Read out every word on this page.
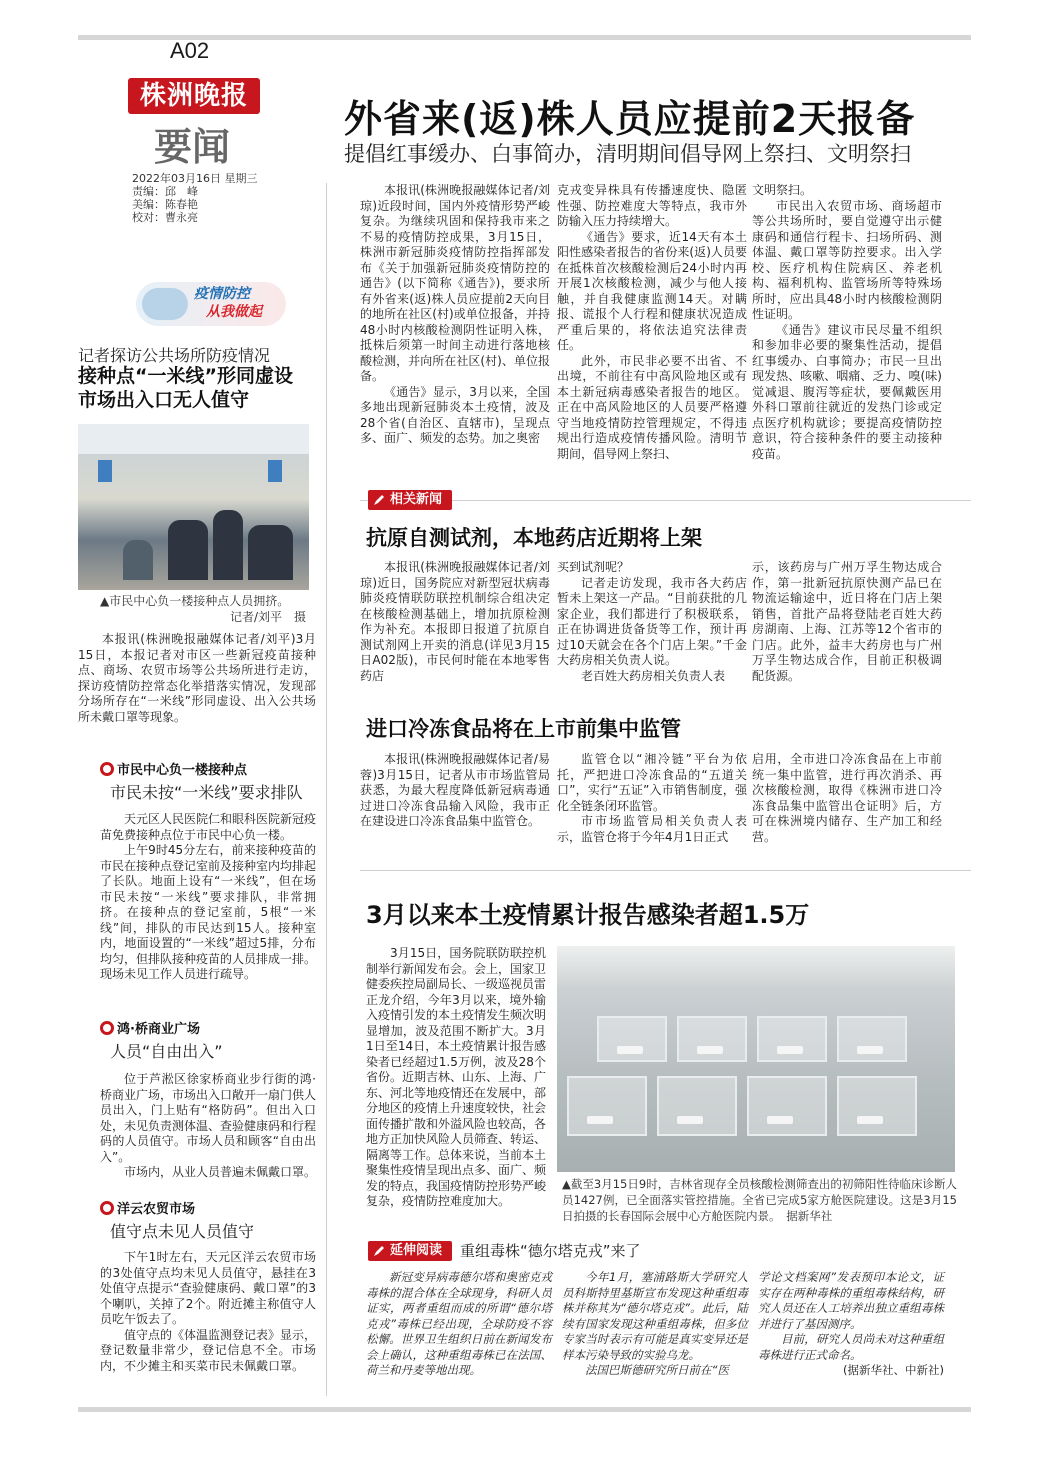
A02
株洲晚报
要闻
2022年03月16日 星期三
责编：邱　峰
美编：陈春艳
校对：曹永亮
疫情防控
从我做起
记者探访公共场所防疫情况
接种点“一米线”形同虚设
市场出入口无人值守
▲市民中心负一楼接种点人员拥挤。
记者/刘平　摄
本报讯(株洲晚报融媒体记者/刘平)3月15日，本报记者对市区一些新冠疫苗接种点、商场、农贸市场等公共场所进行走访，探访疫情防控常态化举措落实情况，发现部分场所存在“一米线”形同虚设、出入公共场所未戴口罩等现象。
市民中心负一楼接种点
市民未按“一米线”要求排队

天元区人民医院仁和眼科医院新冠疫苗免费接种点位于市民中心负一楼。

上午9时45分左右，前来接种疫苗的市民在接种点登记室前及接种室内均排起了长队。地面上设有“一米线”，但在场市民未按“一米线”要求排队，非常拥挤。在接种点的登记室前，5根“一米线”间，排队的市民达到15人。接种室内，地面设置的“一米线”超过5排，分布均匀，但排队接种疫苗的人员排成一排。现场未见工作人员进行疏导。

鸿·桥商业广场
人员“自由出入”

位于芦淞区徐家桥商业步行街的鸿·桥商业广场，市场出入口敞开一扇门供人员出入，门上贴有“格防码”。但出入口处，未见负责测体温、查验健康码和行程码的人员值守。市场人员和顾客“自由出入”。

市场内，从业人员普遍未佩戴口罩。

洋云农贸市场
值守点未见人员值守

下午1时左右，天元区洋云农贸市场的3处值守点均未见人员值守，悬挂在3处值守点提示“查验健康码、戴口罩”的3个喇叭，关掉了2个。附近摊主称值守人员吃午饭去了。

值守点的《体温监测登记表》显示，登记数量非常少，登记信息不全。市场内，不少摊主和买菜市民未佩戴口罩。

外省来(返)株人员应提前2天报备
提倡红事缓办、白事简办，清明期间倡导网上祭扫、文明祭扫

本报讯(株洲晚报融媒体记者/刘琼)近段时间，国内外疫情形势严峻复杂。为继续巩固和保持我市来之不易的疫情防控成果，3月15日，株洲市新冠肺炎疫情防控指挥部发布《关于加强新冠肺炎疫情防控的通告》(以下简称《通告》)，要求所有外省来(返)株人员应提前2天向目的地所在社区(村)或单位报备，并持48小时内核酸检测阴性证明入株，抵株后须第一时间主动进行落地核酸检测，并向所在社区(村)、单位报备。

《通告》显示，3月以来，全国多地出现新冠肺炎本土疫情，波及28个省(自治区、直辖市)，呈现点多、面广、频发的态势。加之奥密

克戎变异株具有传播速度快、隐匿性强、防控难度大等特点，我市外防输入压力持续增大。

《通告》要求，近14天有本土阳性感染者报告的省份来(返)人员要在抵株首次核酸检测后24小时内再开展1次核酸检测，减少与他人接触，并自我健康监测14天。对瞒报、谎报个人行程和健康状况造成严重后果的，将依法追究法律责任。

此外，市民非必要不出省、不出境，不前往有中高风险地区或有本土新冠病毒感染者报告的地区。正在中高风险地区的人员要严格遵守当地疫情防控管理规定，不得违规出行造成疫情传播风险。清明节期间，倡导网上祭扫、

文明祭扫。

市民出入农贸市场、商场超市等公共场所时，要自觉遵守出示健康码和通信行程卡、扫场所码、测体温、戴口罩等防控要求。出入学校、医疗机构住院病区、养老机构、福利机构、监管场所等特殊场所时，应出具48小时内核酸检测阴性证明。

《通告》建议市民尽量不组织和参加非必要的聚集性活动，提倡红事缓办、白事简办；市民一旦出现发热、咳嗽、咽痛、乏力、嗅(味)觉减退、腹泻等症状，要佩戴医用外科口罩前往就近的发热门诊或定点医疗机构就诊；要提高疫情防控意识，符合接种条件的要主动接种疫苗。

相关新闻
抗原自测试剂，本地药店近期将上架

本报讯(株洲晚报融媒体记者/刘琼)近日，国务院应对新型冠状病毒肺炎疫情联防联控机制综合组决定在核酸检测基础上，增加抗原检测作为补充。本报即日报道了抗原自测试剂网上开卖的消息(详见3月15日A02版)，市民何时能在本地零售药店

买到试剂呢？

记者走访发现，我市各大药店暂未上架这一产品。“目前获批的几家企业，我们都进行了积极联系，正在协调进货备货等工作，预计再过10天就会在各个门店上架。”千金大药房相关负责人说。

老百姓大药房相关负责人表

示，该药房与广州万孚生物达成合作，第一批新冠抗原快测产品已在物流运输途中，近日将在门店上架销售，首批产品将登陆老百姓大药房湖南、上海、江苏等12个省市的门店。此外，益丰大药房也与广州万孚生物达成合作，目前正积极调配货源。

进口冷冻食品将在上市前集中监管

本报讯(株洲晚报融媒体记者/易蓉)3月15日，记者从市市场监管局获悉，为最大程度降低新冠病毒通过进口冷冻食品输入风险，我市正在建设进口冷冻食品集中监管仓。

监管仓以“湘冷链”平台为依托，严把进口冷冻食品的“五道关口”，实行“五证”入市销售制度，强化全链条闭环监管。

市市场监管局相关负责人表示，监管仓将于今年4月1日正式

启用，全市进口冷冻食品在上市前统一集中监管，进行再次消杀、再次核酸检测，取得《株洲市进口冷冻食品集中监管出仓证明》后，方可在株洲境内储存、生产加工和经营。

3月以来本土疫情累计报告感染者超1.5万

3月15日，国务院联防联控机制举行新闻发布会。会上，国家卫健委疾控局副局长、一级巡视员雷正龙介绍，今年3月以来，境外输入疫情引发的本土疫情发生频次明显增加，波及范围不断扩大。3月1日至14日，本土疫情累计报告感染者已经超过1.5万例，波及28个省份。近期吉林、山东、上海、广东、河北等地疫情还在发展中，部分地区的疫情上升速度较快，社会面传播扩散和外溢风险也较高，各地方正加快风险人员筛查、转运、隔离等工作。总体来说，当前本土聚集性疫情呈现出点多、面广、频发的特点，我国疫情防控形势严峻复杂，疫情防控难度加大。

▲截至3月15日9时，吉林省现存全员核酸检测筛查出的初筛阳性待临床诊断人员1427例，已全面落实管控措施。全省已完成5家方舱医院建设。这是3月15日拍摄的长春国际会展中心方舱医院内景。　 据新华社
延伸阅读	重组毒株“德尔塔克戎”来了

新冠变异病毒德尔塔和奥密克戎毒株的混合体在全球现身，科研人员证实，两者重组而成的所谓“德尔塔克戎”毒株已经出现，全球防疫不容松懈。世界卫生组织日前在新闻发布会上确认，这种重组毒株已在法国、荷兰和丹麦等地出现。

今年1月，塞浦路斯大学研究人员科斯特里基斯宣布发现这种重组毒株并称其为“德尔塔克戎”。此后，陆续有国家发现这种重组毒株，但多位专家当时表示有可能是真实变异还是样本污染导致的实验乌龙。

法国巴斯德研究所日前在“医

学论文档案网”发表预印本论文，证实存在两种毒株的重组毒株结构，研究人员还在人工培养出独立重组毒株并进行了基因测序。

目前，研究人员尚未对这种重组毒株进行正式命名。

(据新华社、中新社)
